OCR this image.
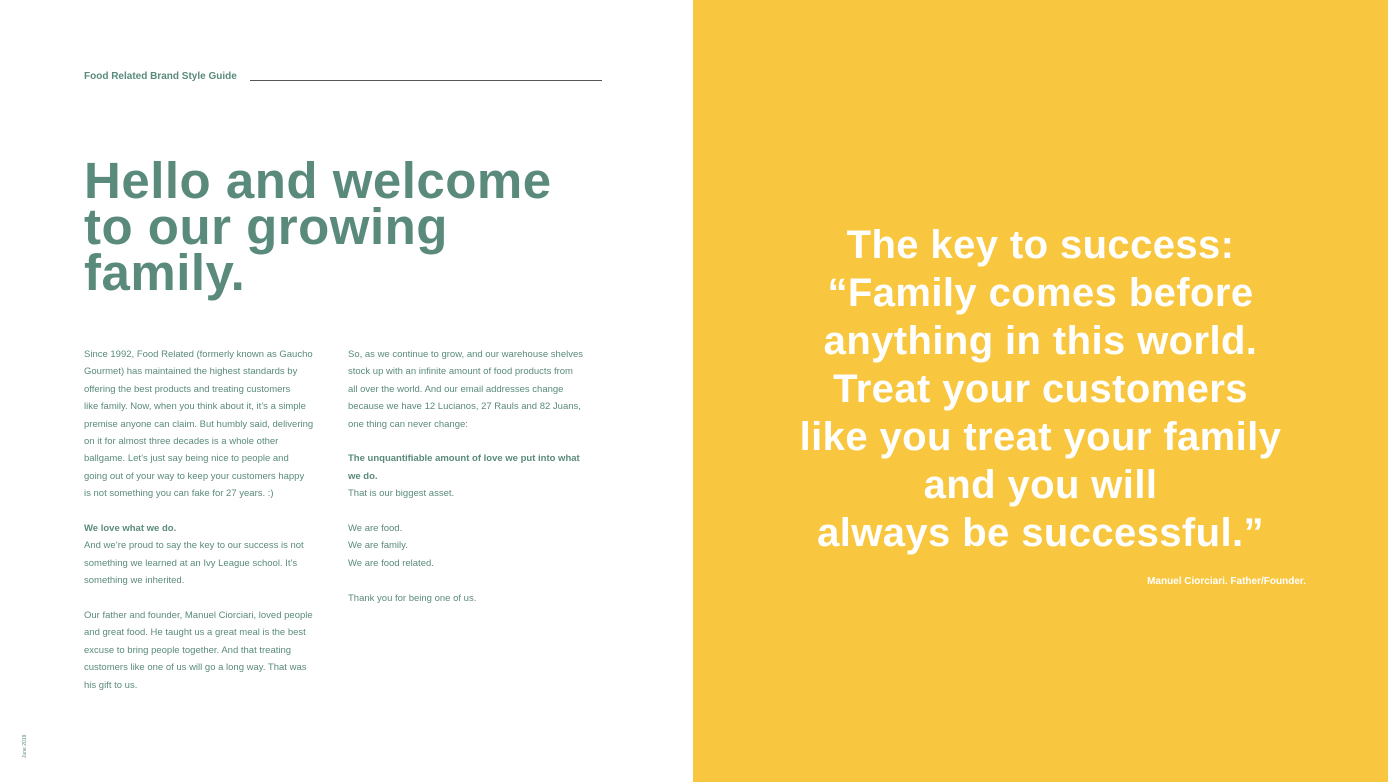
Food Related Brand Style Guide
Hello and welcome
to our growing
family.

Since 1992, Food Related (formerly known as Gaucho
Gourmet) has maintained the highest standards by
offering the best products and treating customers
like family. Now, when you think about it, it’s a simple
premise anyone can claim. But humbly said, delivering
on it for almost three decades is a whole other
ballgame. Let’s just say being nice to people and
going out of your way to keep your customers happy
is not something you can fake for 27 years. :)

We love what we do.
And we’re proud to say the key to our success is not
something we learned at an Ivy League school. It’s
something we inherited.

Our father and founder, Manuel Ciorciari, loved people
and great food. He taught us a great meal is the best
excuse to bring people together. And that treating
customers like one of us will go a long way. That was
his gift to us.

So, as we continue to grow, and our warehouse shelves
stock up with an infinite amount of food products from
all over the world. And our email addresses change
because we have 12 Lucianos, 27 Rauls and 82 Juans,
one thing can never change:

The unquantifiable amount of love we put into what
we do.
That is our biggest asset.

We are food.
We are family.
We are food related.

Thank you for being one of us.

June 2019
The key to success:
“Family comes before
anything in this world.
Treat your customers
like you treat your family
and you will
always be successful.”
Manuel Ciorciari. Father/Founder.
